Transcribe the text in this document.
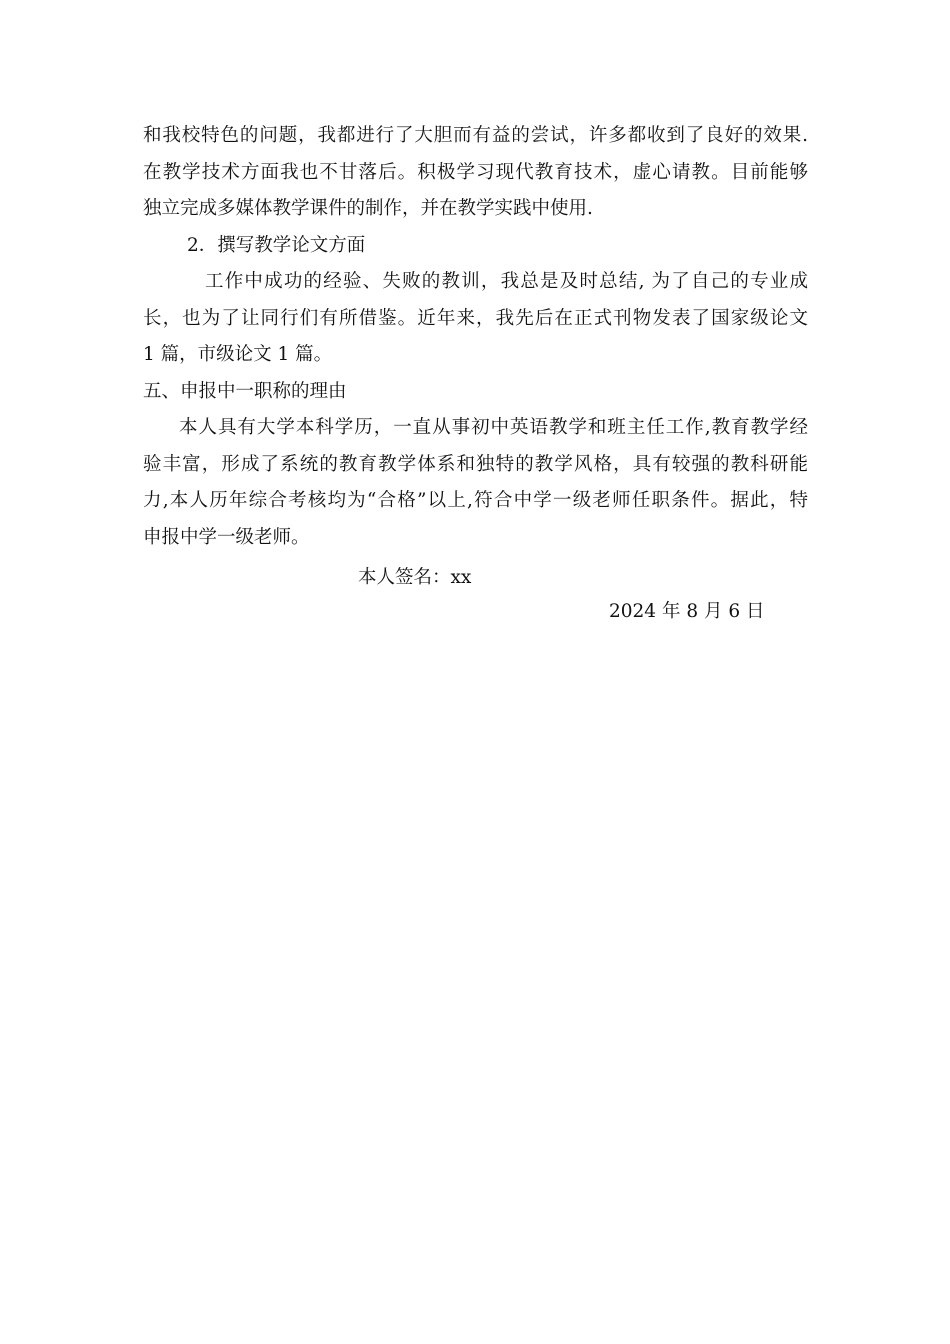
和我校特色的问题，我都进行了大胆而有益的尝试，许多都收到了良好的效果.
在教学技术方面我也不甘落后。积极学习现代教育技术，虚心请教。目前能够
独立完成多媒体教学课件的制作，并在教学实践中使用.
2．撰写教学论文方面
工作中成功的经验、失败的教训，我总是及时总结, 为了自己的专业成
长，也为了让同行们有所借鉴。近年来，我先后在正式刊物发表了国家级论文
1 篇，市级论文 1 篇。
五、申报中一职称的理由
本人具有大学本科学历，一直从事初中英语教学和班主任工作,教育教学经
验丰富，形成了系统的教育教学体系和独特的教学风格，具有较强的教科研能
力,本人历年综合考核均为“合格”以上,符合中学一级老师任职条件。据此，特
申报中学一级老师。
本人签名：xx
2024 年 8 月 6 日
